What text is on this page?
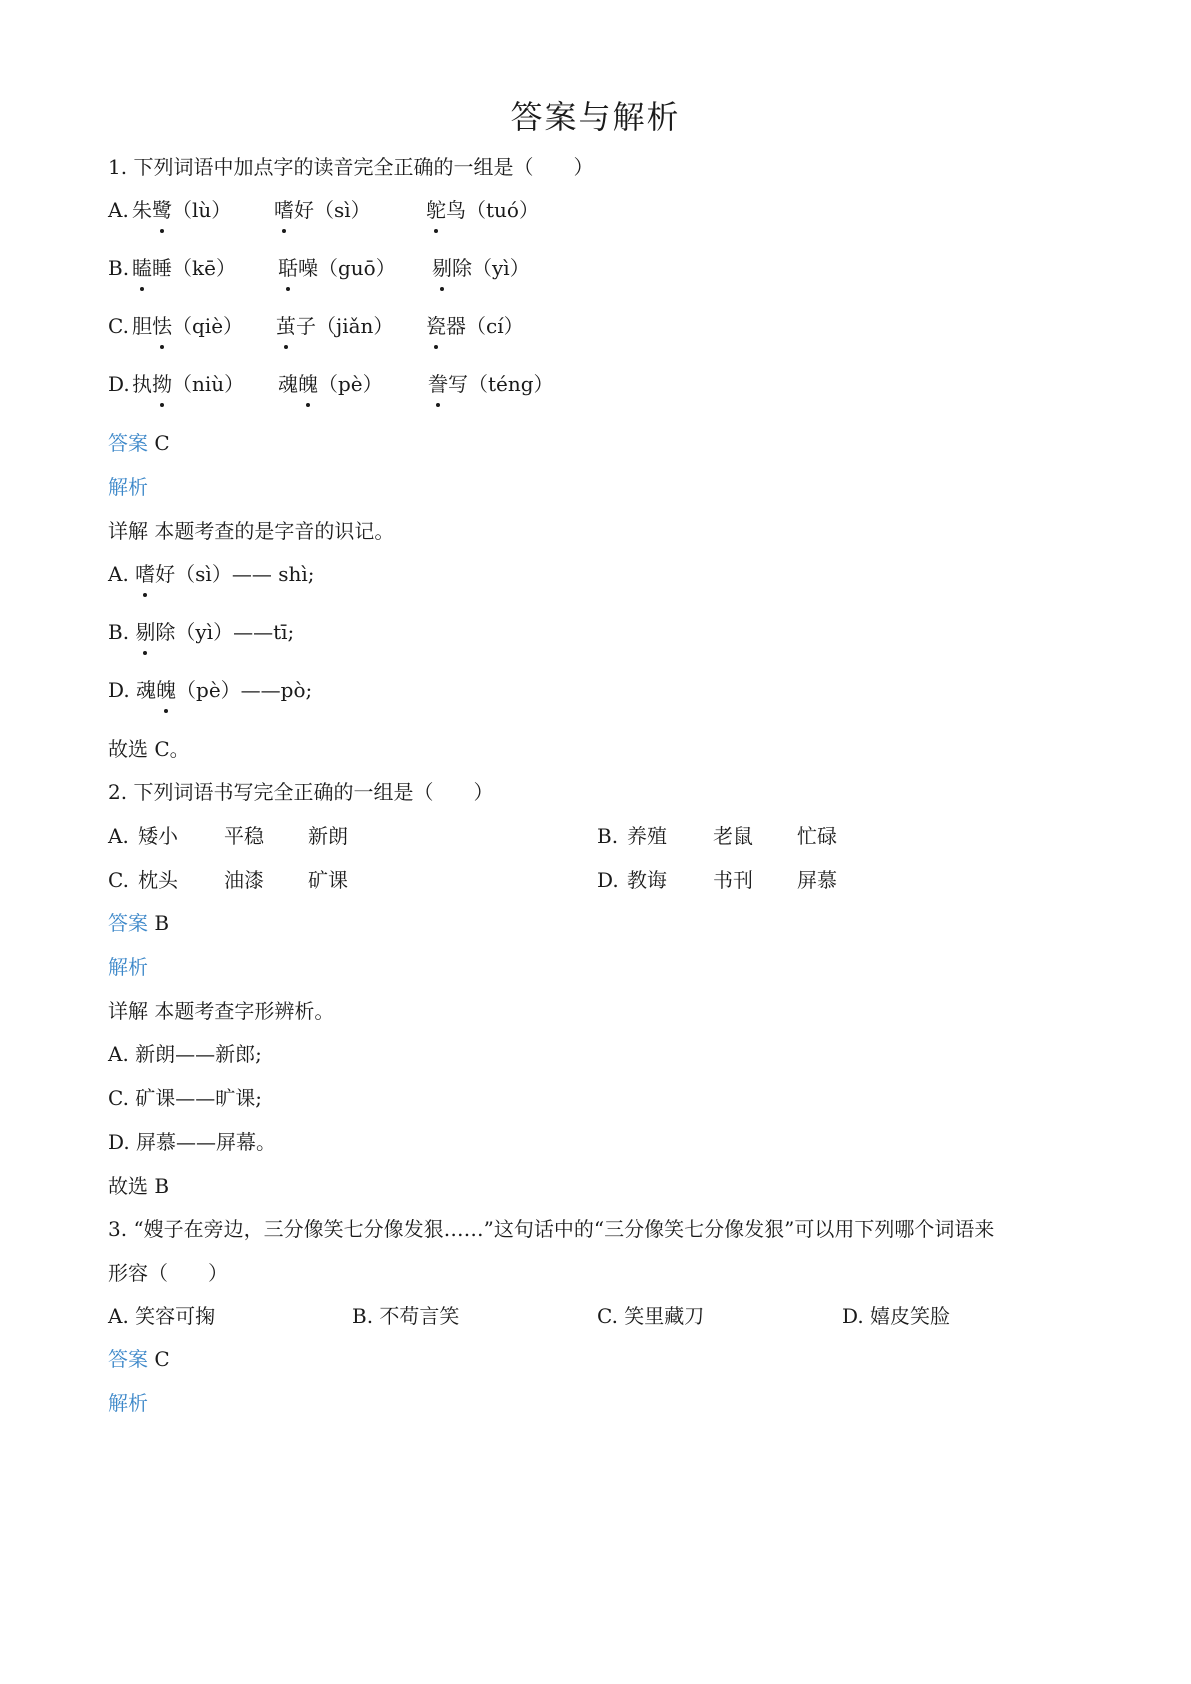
答案与解析
1. 下列词语中加点字的读音完全正确的一组是（　　）
A. 朱鹭（lù） 嗜好（sì）	鸵鸟（tuó）
B. 瞌睡（kē） 聒噪（guō） 剔除（yì）
C. 胆怯（qiè） 茧子（jiǎn） 瓷器（cí）
D. 执拗（niù） 魂魄（pè） 誊写（téng）
答案 C
解析
详解 本题考查的是字音的识记。
A. 嗜好（sì）—— shì;
B. 剔除（yì）——tī;
D. 魂魄（pè）——pò;
故选 C。
2. 下列词语书写完全正确的一组是（　　）
A. 矮小 平稳 新朗	B. 养殖 老鼠 忙碌
C. 枕头 油漆 矿课	D. 教诲 书刊 屏慕
答案 B
解析
详解 本题考查字形辨析。
A. 新朗——新郎;
C. 矿课——旷课;
D. 屏慕——屏幕。
故选 B
3. “嫂子在旁边，三分像笑七分像发狠……”这句话中的“三分像笑七分像发狠”可以用下列哪个词语来
形容（　　）
A. 笑容可掬	B. 不苟言笑	C. 笑里藏刀	D. 嬉皮笑脸
答案 C
解析
